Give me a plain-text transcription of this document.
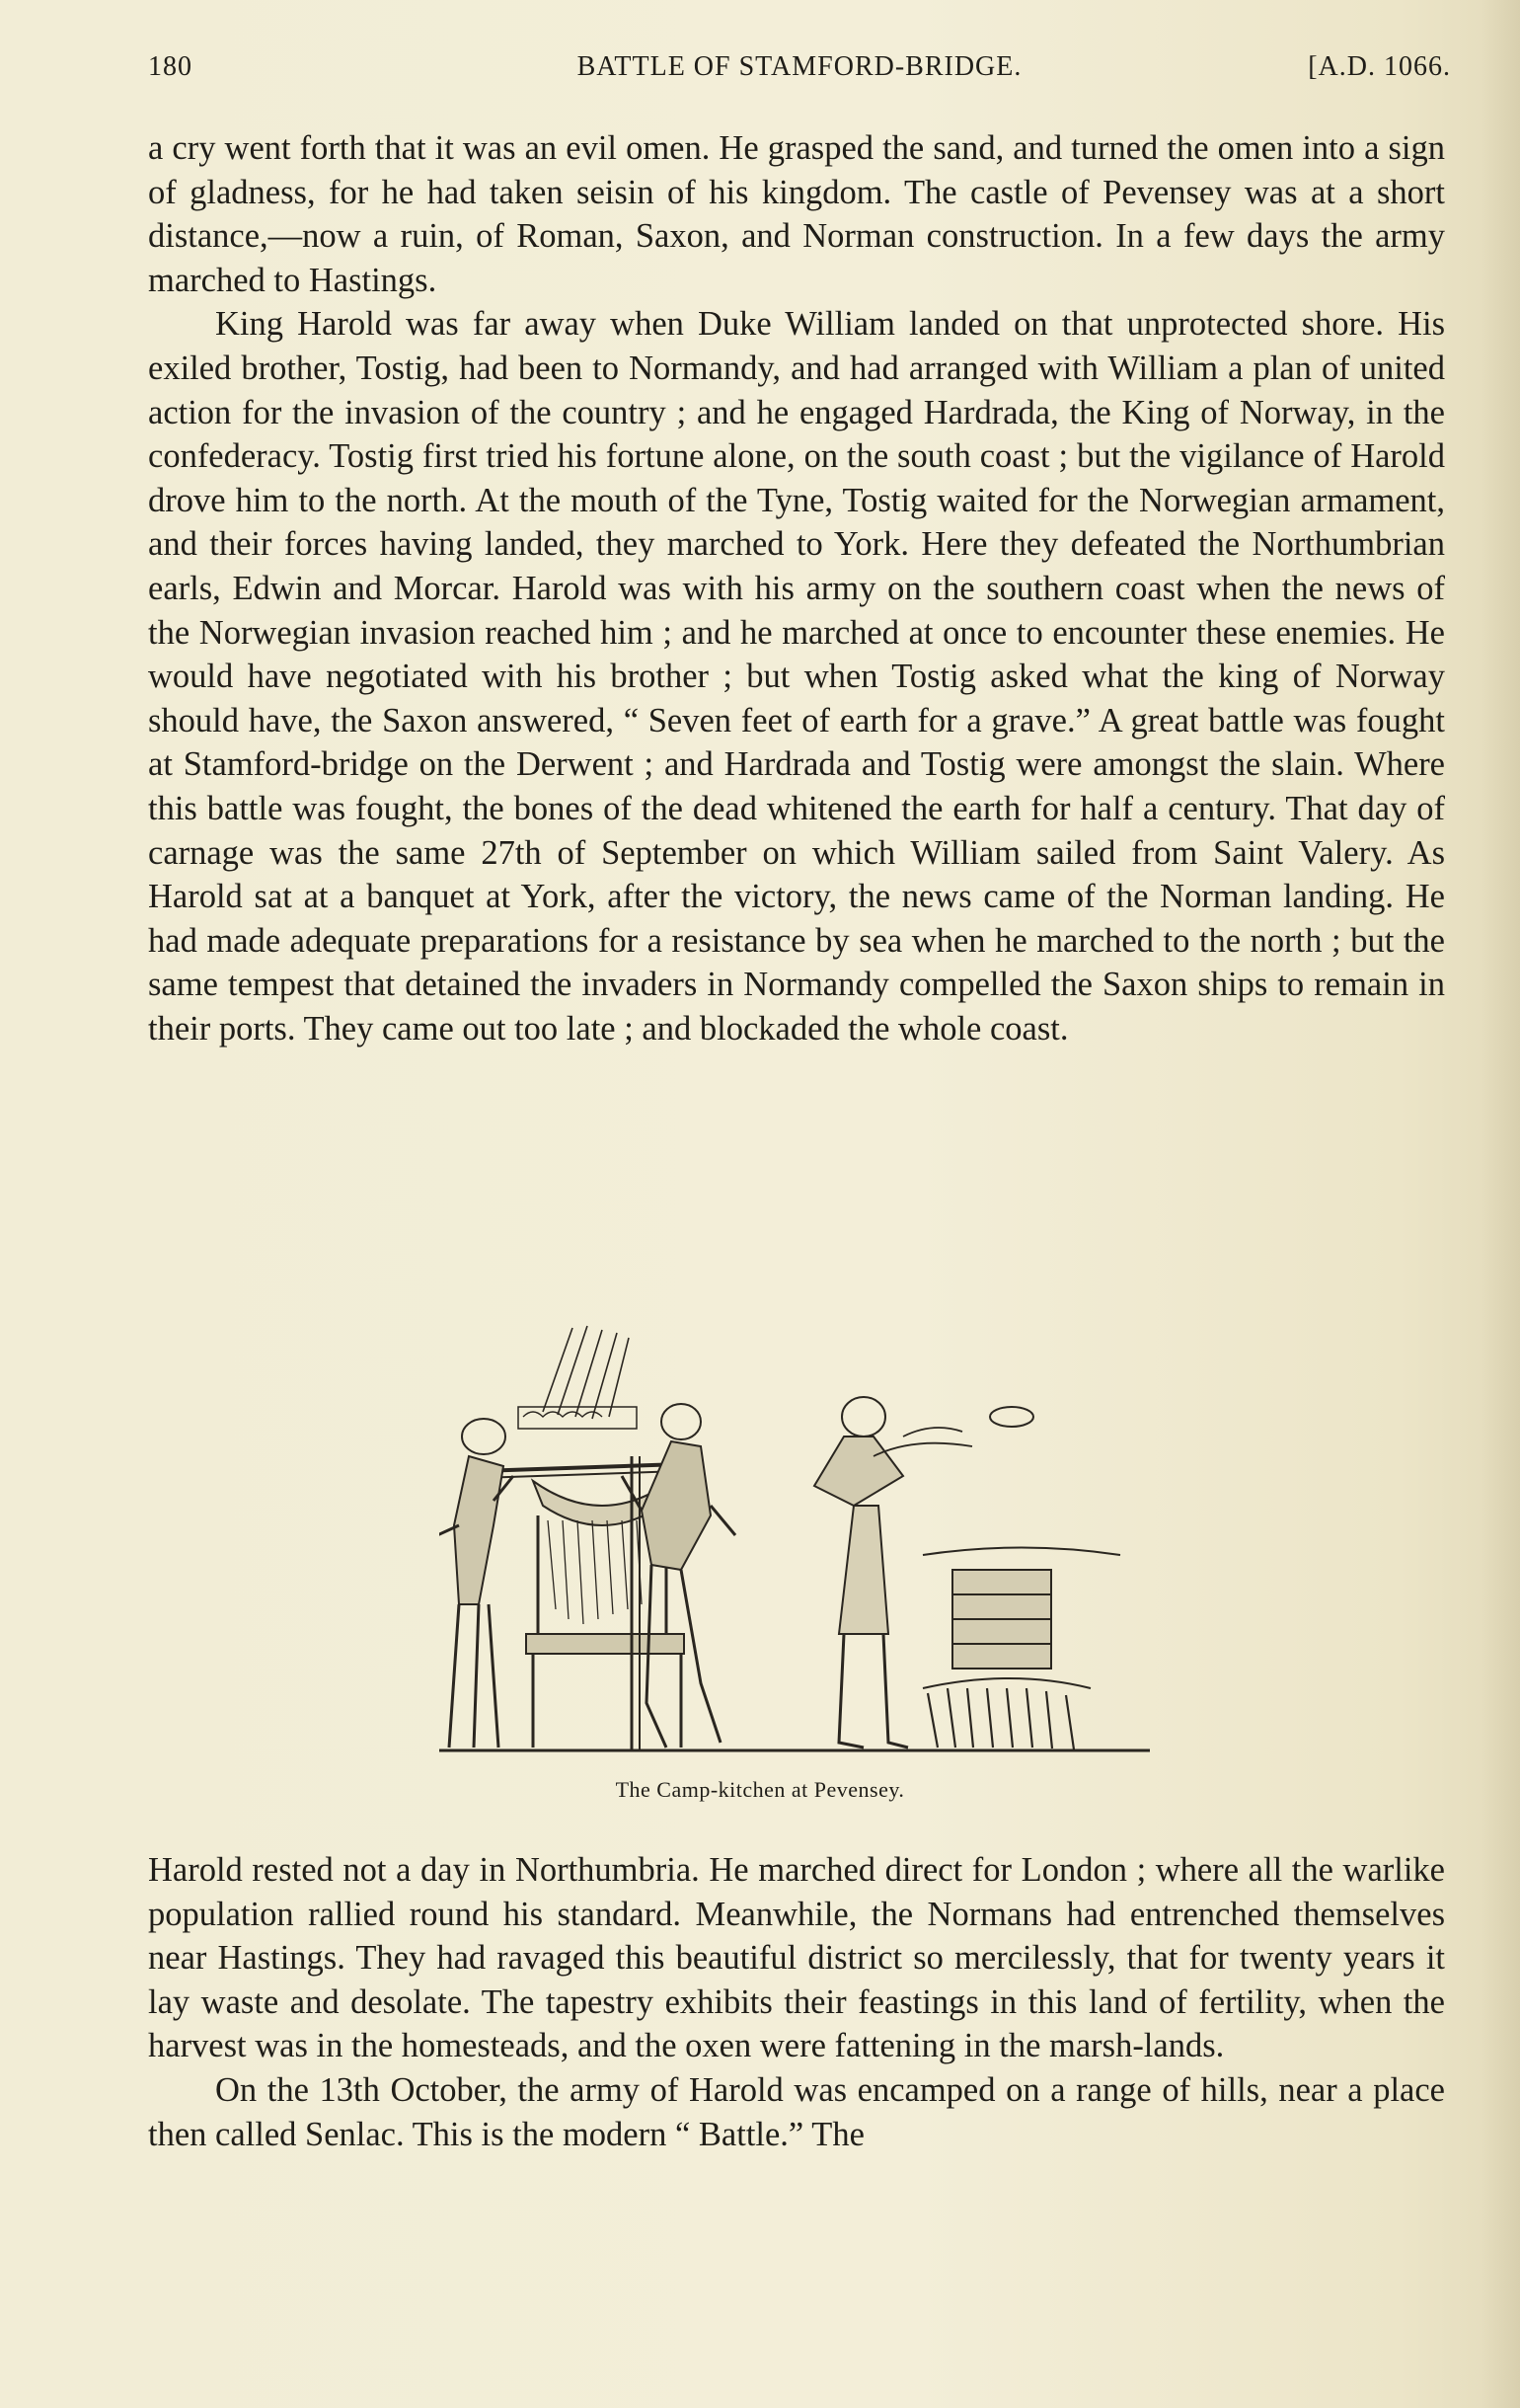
180	BATTLE OF STAMFORD-BRIDGE.	[A.D. 1066.

a cry went forth that it was an evil omen. He grasped the sand, and turned the omen into a sign of gladness, for he had taken seisin of his kingdom. The castle of Pevensey was at a short distance,—now a ruin, of Roman, Saxon, and Norman construction. In a few days the army marched to Hastings.

King Harold was far away when Duke William landed on that unprotected shore. His exiled brother, Tostig, had been to Normandy, and had arranged with William a plan of united action for the invasion of the country ; and he engaged Hardrada, the King of Norway, in the confederacy. Tostig first tried his fortune alone, on the south coast ; but the vigilance of Harold drove him to the north. At the mouth of the Tyne, Tostig waited for the Norwegian armament, and their forces having landed, they marched to York. Here they defeated the Northumbrian earls, Edwin and Morcar. Harold was with his army on the southern coast when the news of the Norwegian invasion reached him ; and he marched at once to encounter these enemies. He would have negotiated with his brother ; but when Tostig asked what the king of Norway should have, the Saxon answered, “ Seven feet of earth for a grave.” A great battle was fought at Stamford-bridge on the Derwent ; and Hardrada and Tostig were amongst the slain. Where this battle was fought, the bones of the dead whitened the earth for half a century. That day of carnage was the same 27th of September on which William sailed from Saint Valery. As Harold sat at a banquet at York, after the victory, the news came of the Norman landing. He had made adequate preparations for a resistance by sea when he marched to the north ; but the same tempest that detained the invaders in Normandy compelled the Saxon ships to remain in their ports. They came out too late ; and blockaded the whole coast.

The Camp-kitchen at Pevensey.

Harold rested not a day in Northumbria. He marched direct for London ; where all the warlike population rallied round his standard. Meanwhile, the Normans had entrenched themselves near Hastings. They had ravaged this beautiful district so mercilessly, that for twenty years it lay waste and desolate. The tapestry exhibits their feastings in this land of fertility, when the harvest was in the homesteads, and the oxen were fattening in the marsh-lands.

On the 13th October, the army of Harold was encamped on a range of hills, near a place then called Senlac. This is the modern “ Battle.” The
